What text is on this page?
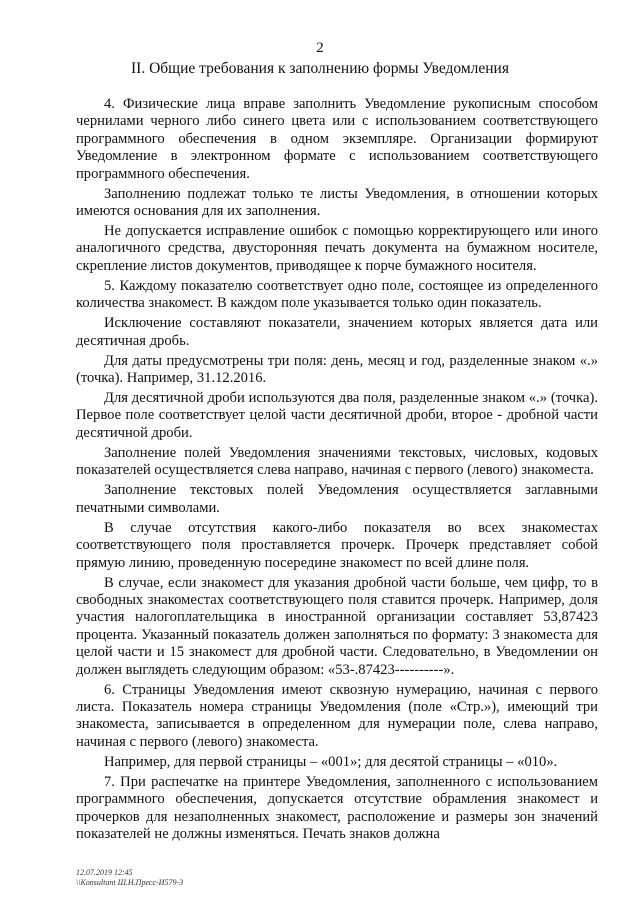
2
II. Общие требования к заполнению формы Уведомления

4. Физические лица вправе заполнить Уведомление рукописным способом чернилами черного либо синего цвета или с использованием соответствующего программного обеспечения в одном экземпляре. Организации формируют Уведомление в электронном формате с использованием соответствующего программного обеспечения.

Заполнению подлежат только те листы Уведомления, в отношении которых имеются основания для их заполнения.

Не допускается исправление ошибок с помощью корректирующего или иного аналогичного средства, двусторонняя печать документа на бумажном носителе, скрепление листов документов, приводящее к порче бумажного носителя.

5. Каждому показателю соответствует одно поле, состоящее из определенного количества знакомест. В каждом поле указывается только один показатель.

Исключение составляют показатели, значением которых является дата или десятичная дробь.

Для даты предусмотрены три поля: день, месяц и год, разделенные знаком «.» (точка). Например, 31.12.2016.

Для десятичной дроби используются два поля, разделенные знаком «.» (точка). Первое поле соответствует целой части десятичной дроби, второе - дробной части десятичной дроби.

Заполнение полей Уведомления значениями текстовых, числовых, кодовых показателей осуществляется слева направо, начиная с первого (левого) знакоместа.

Заполнение текстовых полей Уведомления осуществляется заглавными печатными символами.

В случае отсутствия какого-либо показателя во всех знакоместах соответствующего поля проставляется прочерк. Прочерк представляет собой прямую линию, проведенную посередине знакомест по всей длине поля.

В случае, если знакомест для указания дробной части больше, чем цифр, то в свободных знакоместах соответствующего поля ставится прочерк. Например, доля участия налогоплательщика в иностранной организации составляет 53,87423 процента. Указанный показатель должен заполняться по формату: 3 знакоместа для целой части и 15 знакомест для дробной части. Следовательно, в Уведомлении он должен выглядеть следующим образом: «53-.87423----------».

6. Страницы Уведомления имеют сквозную нумерацию, начиная с первого листа. Показатель номера страницы Уведомления (поле «Стр.»), имеющий три знакоместа, записывается в определенном для нумерации поле, слева направо, начиная с первого (левого) знакоместа.

Например, для первой страницы – «001»; для десятой страницы – «010».

7. При распечатке на принтере Уведомления, заполненного с использованием программного обеспечения, допускается отсутствие обрамления знакомест и прочерков для незаполненных знакомест, расположение и размеры зон значений показателей не должны изменяться. Печать знаков должна

12.07.2019 12:45
\\Konsultant Ш.Н.Пресс-И579-3
